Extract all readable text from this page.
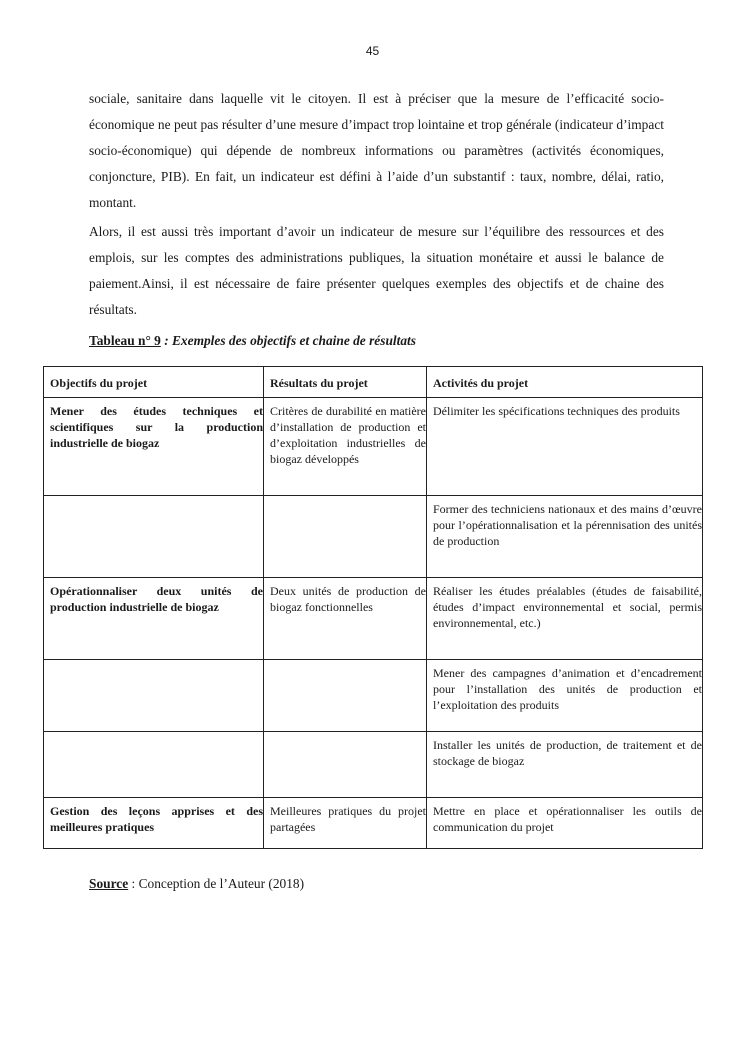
45

sociale, sanitaire dans laquelle vit le citoyen. Il est à préciser que la mesure de l’efficacité socio-économique ne peut pas résulter d’une mesure d’impact trop lointaine et trop générale (indicateur d’impact socio-économique) qui dépende de nombreux informations ou paramètres (activités économiques, conjoncture, PIB). En fait, un indicateur est défini à l’aide d’un substantif : taux, nombre, délai, ratio, montant.

Alors, il est aussi très important d’avoir un indicateur de mesure sur l’équilibre des ressources et des emplois, sur les comptes des administrations publiques, la situation monétaire et aussi le balance de paiement.Ainsi, il est nécessaire de faire présenter quelques exemples des objectifs et de chaine des résultats.

Tableau n° 9 : Exemples des objectifs et chaine de résultats
Objectifs du projet	Résultats du projet	Activités du projet
Mener des études techniques et scientifiques sur la production industrielle de biogaz	Critères de durabilité en matière d’installation de production et d’exploitation industrielles de biogaz développés	Délimiter les spécifications techniques des produits
		Former des techniciens nationaux et des mains d’œuvre pour l’opérationnalisation et la pérennisation des unités de production
Opérationnaliser deux unités de production industrielle de biogaz	Deux unités de production de biogaz fonctionnelles	Réaliser les études préalables (études de faisabilité, études d’impact environnemental et social, permis environnemental, etc.)
		Mener des campagnes d’animation et d’encadrement pour l’installation des unités de production et l’exploitation des produits
		Installer les unités de production, de traitement et de stockage de biogaz
Gestion des leçons apprises et des meilleures pratiques	Meilleures pratiques du projet partagées	Mettre en place et opérationnaliser les outils de communication du projet
Source : Conception de l’Auteur (2018)
